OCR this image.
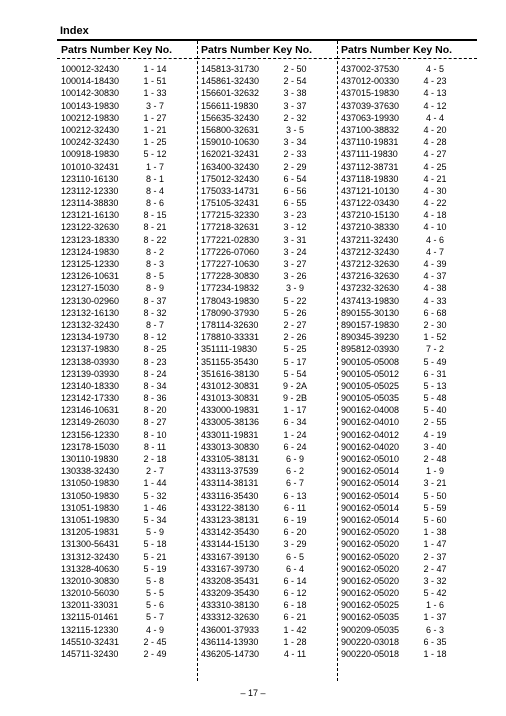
Index
Patrs Number Key No.
100012-32430	1 - 14
100014-18430	1 - 51
100142-30830	1 - 33
100143-19830	3 - 7
100212-19830	1 - 27
100212-32430	1 - 21
100242-32430	1 - 25
100918-19830	5 - 12
101010-32431	1 - 7
123110-16130	8 - 1
123112-12330	8 - 4
123114-38830	8 - 6
123121-16130	8 - 15
123122-32630	8 - 21
123123-18330	8 - 22
123124-19830	8 - 2
123125-12330	8 - 3
123126-10631	8 - 5
123127-15030	8 - 9
123130-02960	8 - 37
123132-16130	8 - 32
123132-32430	8 - 7
123134-19730	8 - 12
123137-19830	8 - 25
123138-03930	8 - 23
123139-03930	8 - 24
123140-18330	8 - 34
123142-17330	8 - 36
123146-10631	8 - 20
123149-26030	8 - 27
123156-12330	8 - 10
123178-15030	8 - 11
130110-19830	2 - 18
130338-32430	2 - 7
131050-19830	1 - 44
131050-19830	5 - 32
131051-19830	1 - 46
131051-19830	5 - 34
131205-19831	5 - 9
131300-56431	5 - 18
131312-32430	5 - 21
131328-40630	5 - 19
132010-30830	5 - 8
132010-56030	5 - 5
132011-33031	5 - 6
132115-01461	5 - 7
132115-12330	4 - 9
145510-32431	2 - 45
145711-32430	2 - 49
Patrs Number Key No.
145813-31730	2 - 50
145861-32430	2 - 54
156601-32632	3 - 38
156611-19830	3 - 37
156635-32430	2 - 32
156800-32631	3 - 5
159010-10630	3 - 34
162021-32431	2 - 33
163400-32430	2 - 29
175012-32430	6 - 54
175033-14731	6 - 56
175105-32431	6 - 55
177215-32330	3 - 23
177218-32631	3 - 12
177221-02830	3 - 31
177226-07060	3 - 24
177227-10630	3 - 27
177228-30830	3 - 26
177234-19832	3 - 9
178043-19830	5 - 22
178090-37930	5 - 26
178114-32630	2 - 27
178810-33331	2 - 26
351111-19830	5 - 25
351155-35430	5 - 17
351616-38130	5 - 54
431012-30831	9 - 2A
431013-30831	9 - 2B
433000-19831	1 - 17
433005-38136	6 - 34
433011-19831	1 - 24
433013-30830	6 - 24
433105-38131	6 - 9
433113-37539	6 - 2
433114-38131	6 - 7
433116-35430	6 - 13
433122-38130	6 - 11
433123-38131	6 - 19
433142-35430	6 - 20
433144-15130	3 - 29
433167-39130	6 - 5
433167-39730	6 - 4
433208-35431	6 - 14
433209-35430	6 - 12
433310-38130	6 - 18
433312-32630	6 - 21
436001-37933	1 - 42
436114-13930	1 - 28
436205-14730	4 - 11
Patrs Number Key No.
437002-37530	4 - 5
437012-00330	4 - 23
437015-19830	4 - 13
437039-37630	4 - 12
437063-19930	4 - 4
437100-38832	4 - 20
437110-19831	4 - 28
437111-19830	4 - 27
437112-38731	4 - 25
437118-19830	4 - 21
437121-10130	4 - 30
437122-03430	4 - 22
437210-15130	4 - 18
437210-38330	4 - 10
437211-32430	4 - 6
437212-32430	4 - 7
437212-32630	4 - 39
437216-32630	4 - 37
437232-32630	4 - 38
437413-19830	4 - 33
890155-30130	6 - 68
890157-19830	2 - 30
890345-39230	1 - 52
895812-03930	7 - 2
900105-05008	5 - 49
900105-05012	6 - 31
900105-05025	5 - 13
900105-05035	5 - 48
900162-04008	5 - 40
900162-04010	2 - 55
900162-04012	4 - 19
900162-04020	3 - 40
900162-05010	2 - 48
900162-05014	1 - 9
900162-05014	3 - 21
900162-05014	5 - 50
900162-05014	5 - 59
900162-05014	5 - 60
900162-05020	1 - 38
900162-05020	1 - 47
900162-05020	2 - 37
900162-05020	2 - 47
900162-05020	3 - 32
900162-05020	5 - 42
900162-05025	1 - 6
900162-05035	1 - 37
900209-05035	6 - 3
900220-03018	6 - 35
900220-05018	1 - 18
– 17 –
